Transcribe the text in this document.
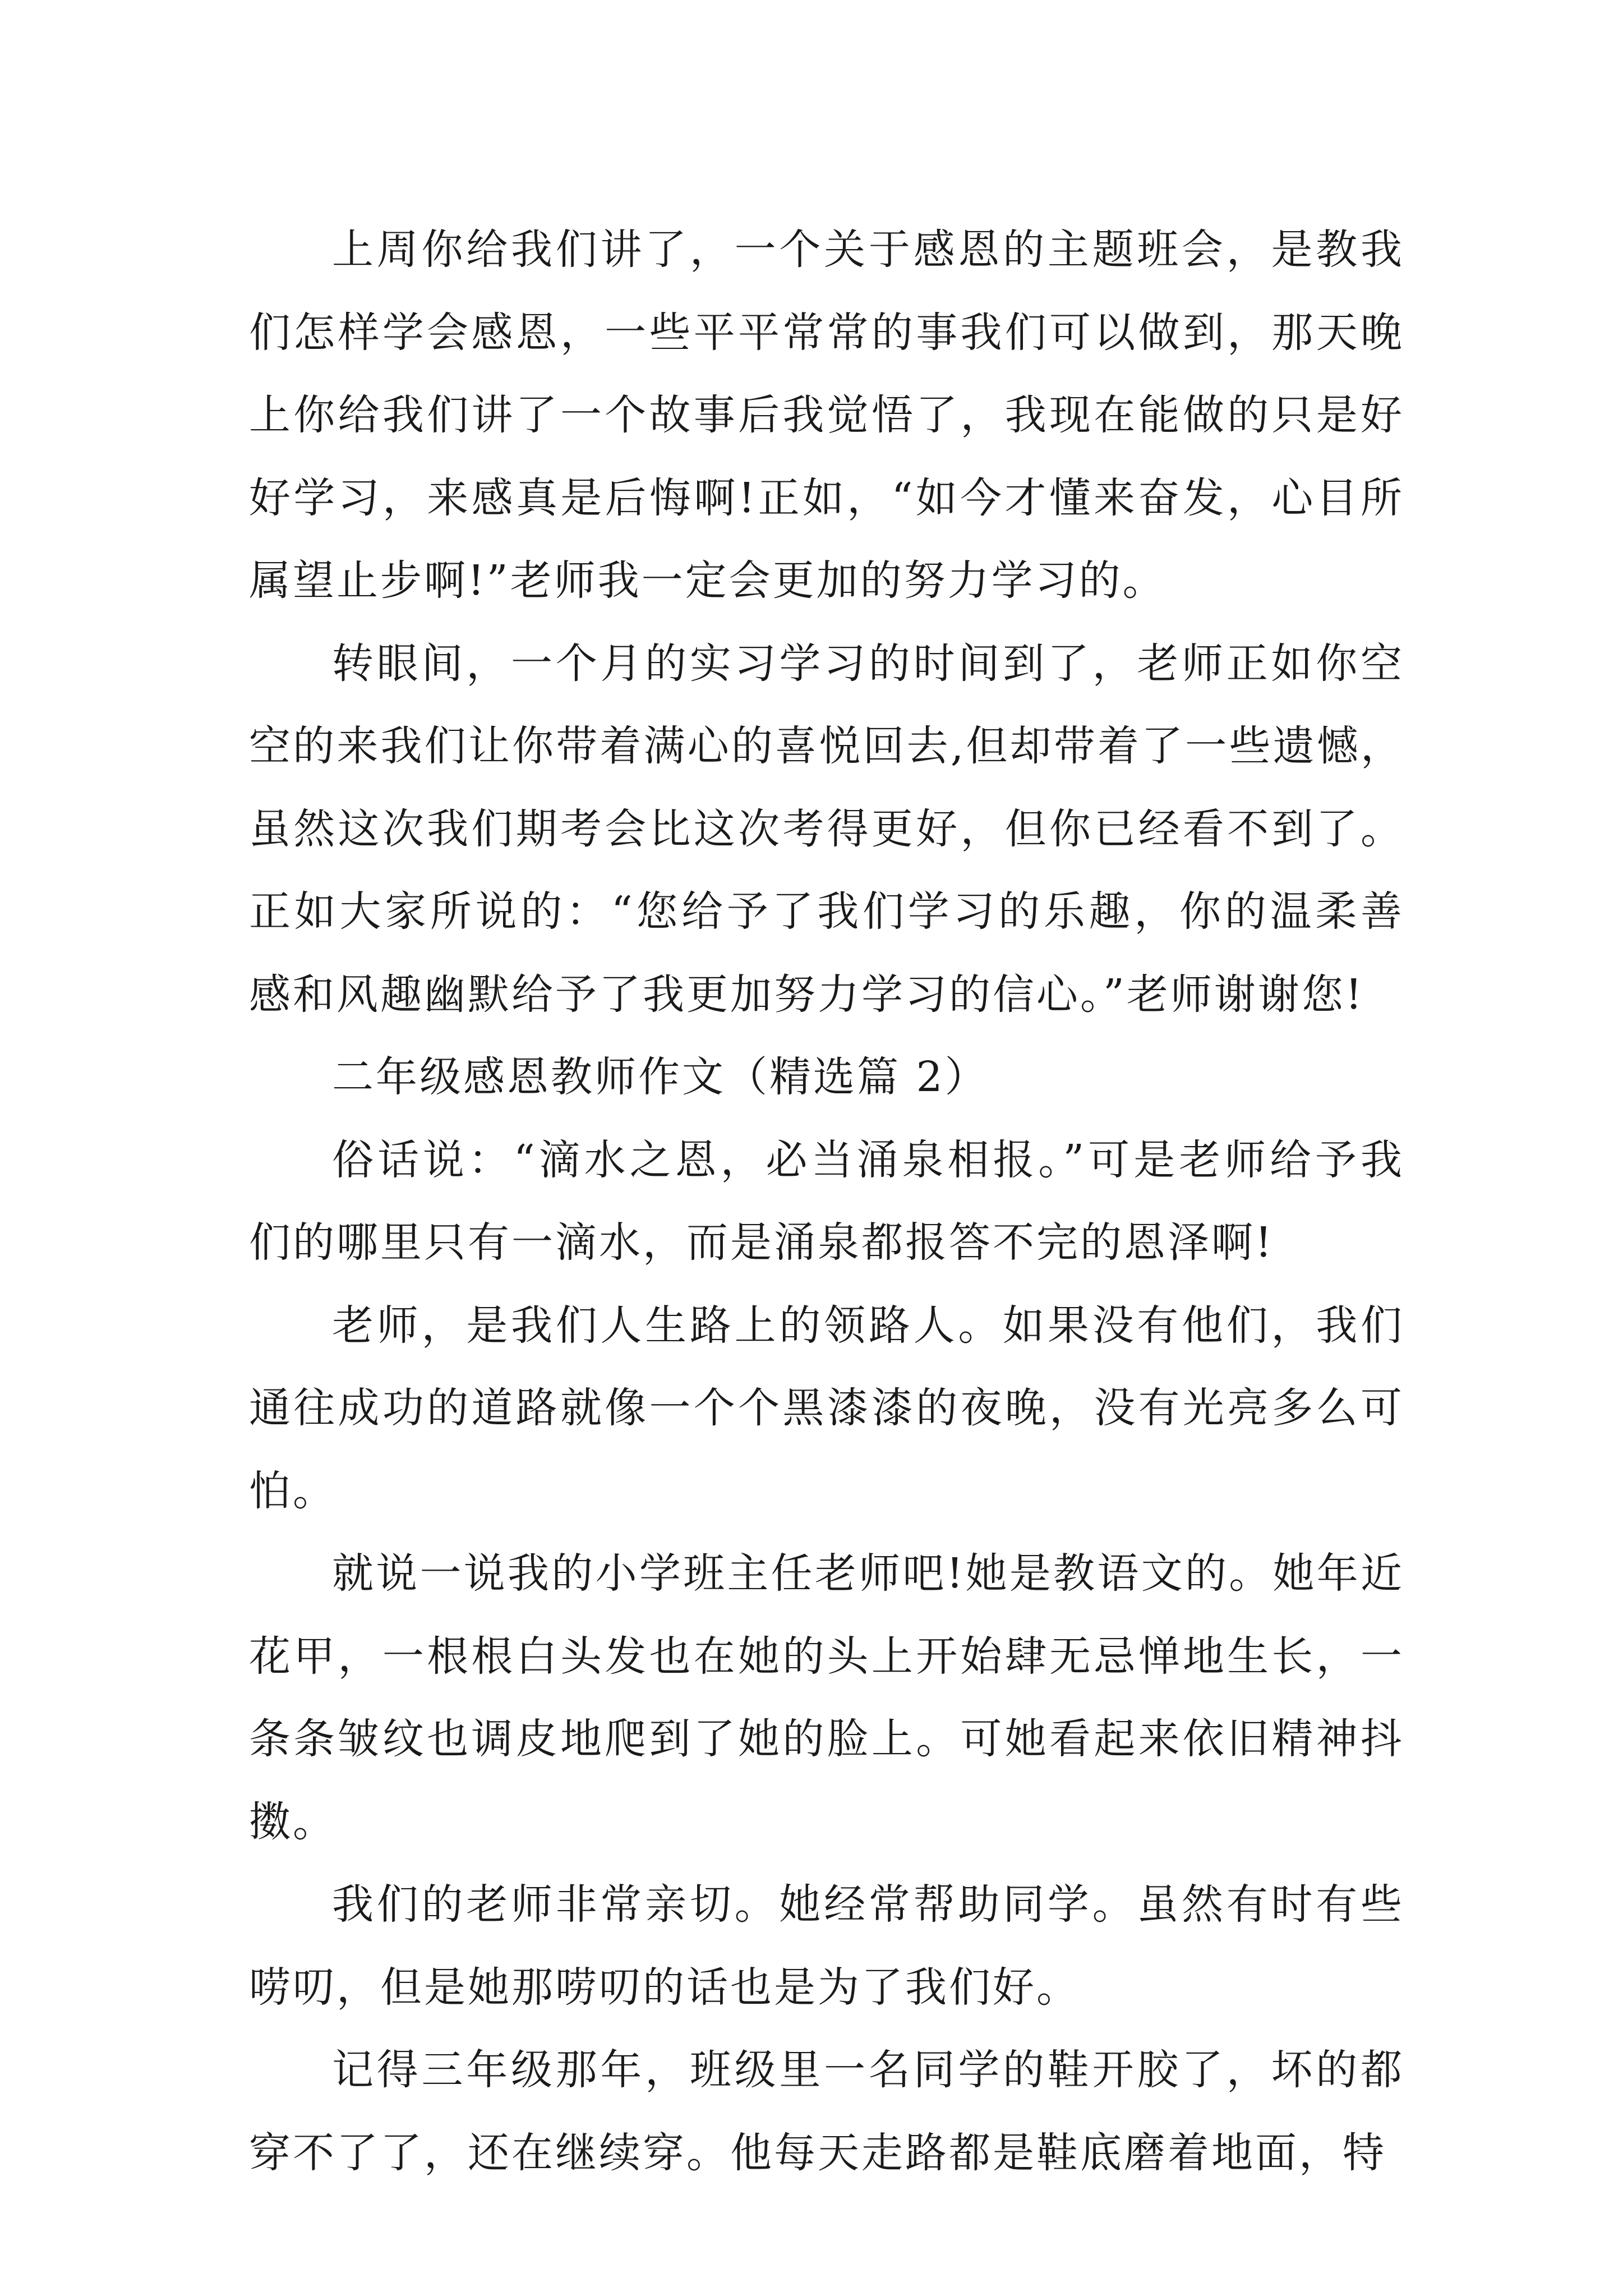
上周你给我们讲了，一个关于感恩的主题班会，是教我们怎样学会感恩，一些平平常常的事我们可以做到，那天晚上你给我们讲了一个故事后我觉悟了，我现在能做的只是好好学习，来感真是后悔啊!正如，“如今才懂来奋发，心目所属望止步啊!”老师我一定会更加的努力学习的。

转眼间，一个月的实习学习的时间到了，老师正如你空空的来我们让你带着满心的喜悦回去,但却带着了一些遗憾，虽然这次我们期考会比这次考得更好，但你已经看不到了。正如大家所说的：“您给予了我们学习的乐趣，你的温柔善感和风趣幽默给予了我更加努力学习的信心。”老师谢谢您!

二年级感恩教师作文（精选篇 2）

俗话说：“滴水之恩，必当涌泉相报。”可是老师给予我们的哪里只有一滴水，而是涌泉都报答不完的恩泽啊!

老师，是我们人生路上的领路人。如果没有他们，我们通往成功的道路就像一个个黑漆漆的夜晚，没有光亮多么可怕。

就说一说我的小学班主任老师吧!她是教语文的。她年近花甲，一根根白头发也在她的头上开始肆无忌惮地生长，一条条皱纹也调皮地爬到了她的脸上。可她看起来依旧精神抖擞。

我们的老师非常亲切。她经常帮助同学。虽然有时有些唠叨，但是她那唠叨的话也是为了我们好。

记得三年级那年，班级里一名同学的鞋开胶了，坏的都穿不了了，还在继续穿。他每天走路都是鞋底磨着地面，特
